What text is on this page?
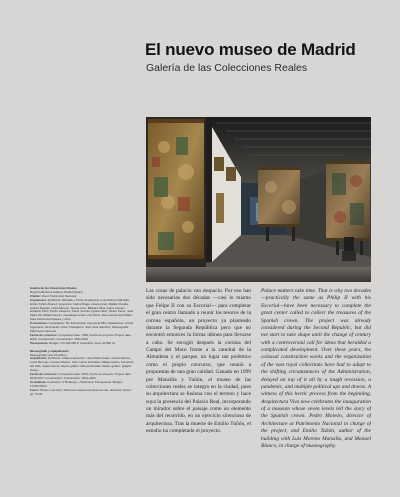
El nuevo museo de Madrid
Galería de las Colecciones Reales

Galería de las Colecciones Reales

Royal Collections Gallery, Madrid (Spain)

Cliente: Client: Patrimonio Nacional

Arquitectos: Architects: Mansilla + Tuñón Arquitectos / Luis Moreno Mansilla, Emilio Tuñón Álvarez; proyectos: Carlos Brage, Ainara Amat, Matilde Peralta, Andrés Regidor, Clara Moreno, Teresa Cruz, Bárbara Silva; Jaime Gómez, Emiliano Peiró, Pedro Vásquez, Óscar Vicente; Ignacio Ruiz, Álvaro Pérez, Juan Pablo Gil; Rafael Cerezo, Guadalupe Amat, Luis Pérez, Dora Garcia de la Mata, Sara García de Paredes y otros

Consultores: Consultants: TD; Estructuras: Ingeniería NB; Instalaciones: Urculo Ingenieros; Iluminación: Artec; Paisajismo: Juan José Sánchez; Museografía: Patrimonio Nacional

Fecha de concurso: Competition date: 1999; Fecha de proyecto: Project date: 2002; Construcción: Construction: 2006-2016

Presupuesto: Budget: 170.000.000 €; Superficie: Area: 40.000 m²

Museografía y equipamiento

Museography and furnishing

Arquitectos: Architects: Frade Arquitectos / Juan Pablo Frade, Carlos Marcos, Lucía Bermejo, Carmen Muñoz, Juan Carlos González, Rafael Castro, Fernando del Valle, Adela García; diseño gráfico: Manuel Estrada; diseño gráfico: graphic design

Fecha de concurso: Competition date: 2016; Fecha de proyecto: Project date: 2016-2017; Construcción: Construction: 2021-2023

Contratista: Contractor: UTE Empty + Telefónica; Presupuesto: Budget: 14.500.000 €

Fotos: Photos: Luis Asín, Patrimonio Nacional (obras de arte: artworks) Textos: pp. 70-93

Las cosas de palacio van despacio. Por eso han sido necesarias dos décadas —casi lo mismo que Felipe II con su Escorial— para completar el gran centro llamado a reunir los tesoros de la corona española, un proyecto ya planteado durante la Segunda República pero que no encontró entonces la forma idónea para llevarse a cabo. Se escogió después la cornisa del Campo del Moro frente a la catedral de la Almudena y el parque, un lugar tan polémico como el propio concurso, que reunió a propuestas de una gran calidad. Ganado en 1999 por Mansilla y Tuñón, el museo de las colecciones reales se integra en la ciudad, pues su arquitectura se fusiona con el terreno y hace suya la presencia del Palacio Real, incorporando un mirador sobre el paisaje como un elemento más del recorrido, en un ejercicio silencioso de arquitectura. Tras la muerte de Emilio Tuñón, el estudio ha completado el proyecto.
Palace matters take time. That is why two decades—practically the same as Philip II with his Escorial—have been necessary to complete the great center called to collect the treasures of the Spanish crown. The project was already considered during the Second Republic, but did not start to take shape until the change of century with a controversial call for ideas that heralded a complicated development. Over these years, the colossal construction works and the organization of the vast royal collections have had to adapt to the shifting circumstances of the Administration, delayed on top of it all by a tough recession, a pandemic, and multiple political ups and downs. A witness of this hectic process from the beginning, Arquitectura Viva now celebrates the inauguration of a museum whose seven levels tell the story of the Spanish crown. Pedro Moleón, director of Architecture at Patrimonio Nacional in charge of the project, and Emilio Tuñón, author of the building with Luis Moreno Mansilla, and Manuel Blanco, in charge of museography.
